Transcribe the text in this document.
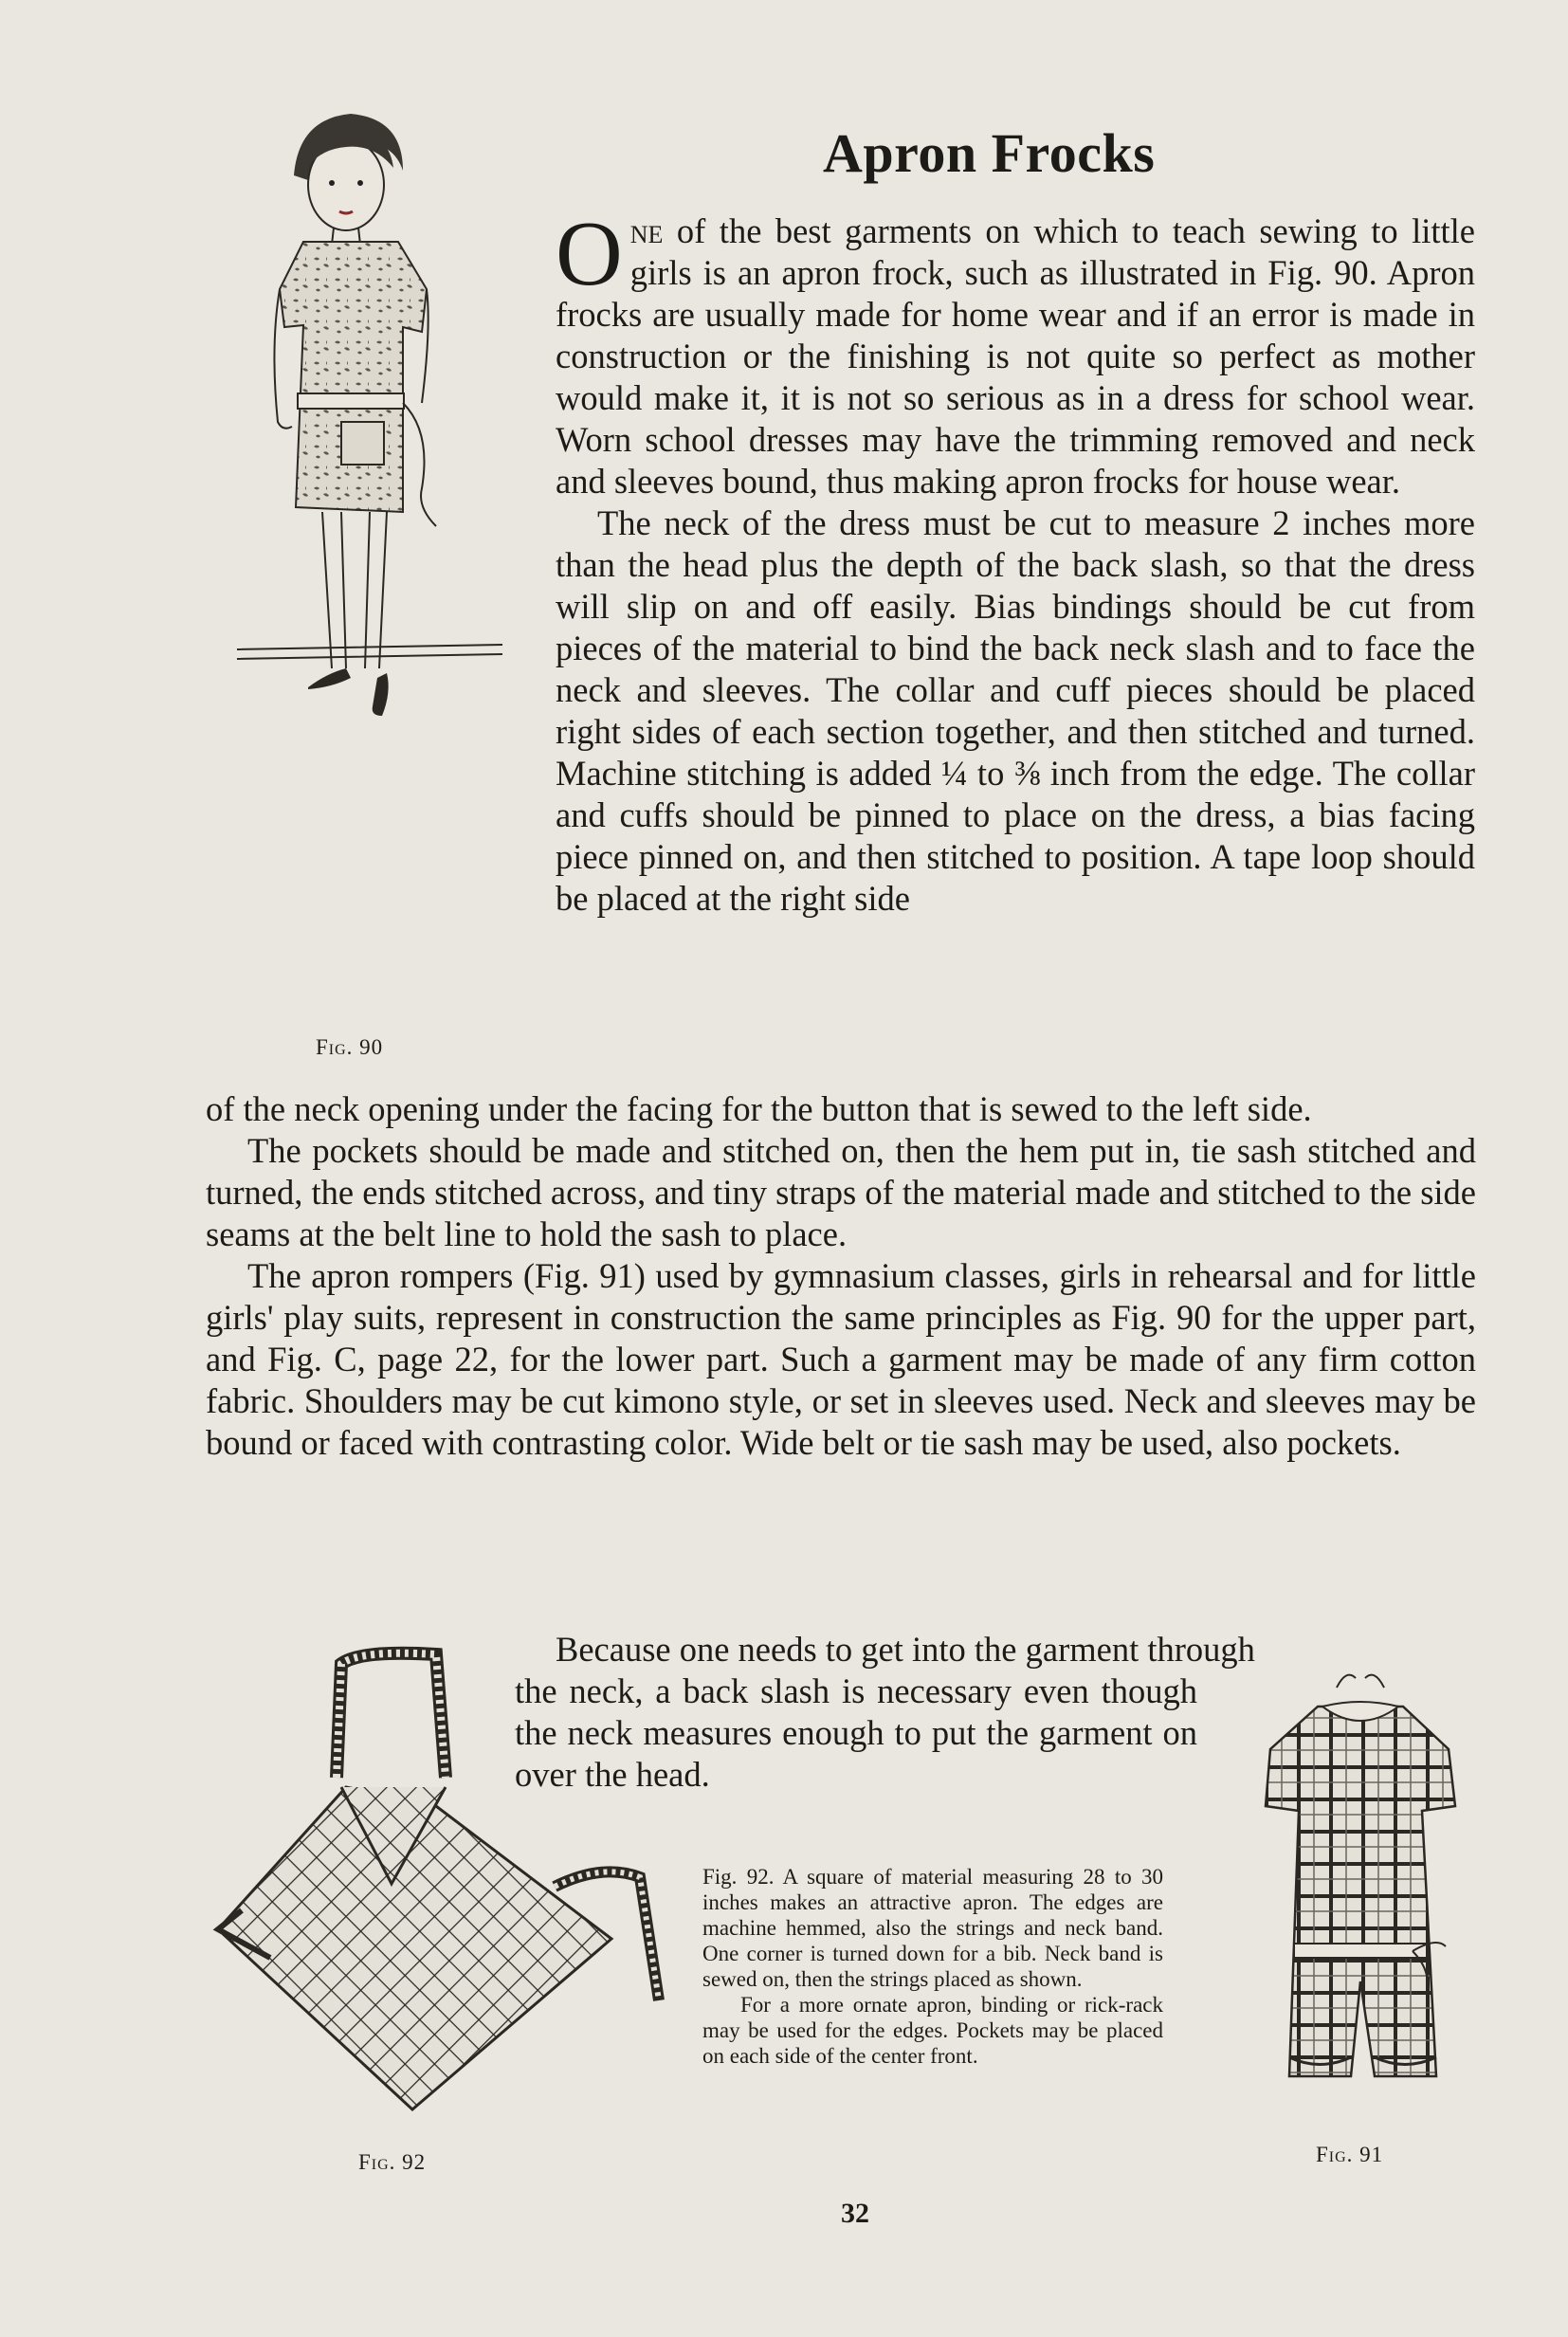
Fig. 90
Apron Frocks

One of the best garments on which to teach sewing to little girls is an apron frock, such as illustrated in Fig. 90. Apron frocks are usually made for home wear and if an error is made in construction or the finishing is not quite so perfect as mother would make it, it is not so serious as in a dress for school wear. Worn school dresses may have the trimming removed and neck and sleeves bound, thus making apron frocks for house wear.

The neck of the dress must be cut to measure 2 inches more than the head plus the depth of the back slash, so that the dress will slip on and off easily. Bias bindings should be cut from pieces of the material to bind the back neck slash and to face the neck and sleeves. The collar and cuff pieces should be placed right sides of each section together, and then stitched and turned. Machine stitching is added ¼ to ⅜ inch from the edge. The collar and cuffs should be pinned to place on the dress, a bias facing piece pinned on, and then stitched to position. A tape loop should be placed at the right side

of the neck opening under the facing for the button that is sewed to the left side.

The pockets should be made and stitched on, then the hem put in, tie sash stitched and turned, the ends stitched across, and tiny straps of the material made and stitched to the side seams at the belt line to hold the sash to place.

The apron rompers (Fig. 91) used by gymnasium classes, girls in rehearsal and for little girls' play suits, represent in construction the same principles as Fig. 90 for the upper part, and Fig. C, page 22, for the lower part. Such a garment may be made of any firm cotton fabric. Shoulders may be cut kimono style, or set in sleeves used. Neck and sleeves may be bound or faced with contrasting color. Wide belt or tie sash may be used, also pockets.

Because one needs to get into the garment through
the neck, a back slash is necessary even though the neck measures enough to put the garment on over the head.
Fig. 92

Fig. 92. A square of material measuring 28 to 30 inches makes an attractive apron. The edges are machine hemmed, also the strings and neck band. One corner is turned down for a bib. Neck band is sewed on, then the strings placed as shown.

For a more ornate apron, binding or rick-rack may be used for the edges. Pockets may be placed on each side of the center front.

Fig. 91
32
